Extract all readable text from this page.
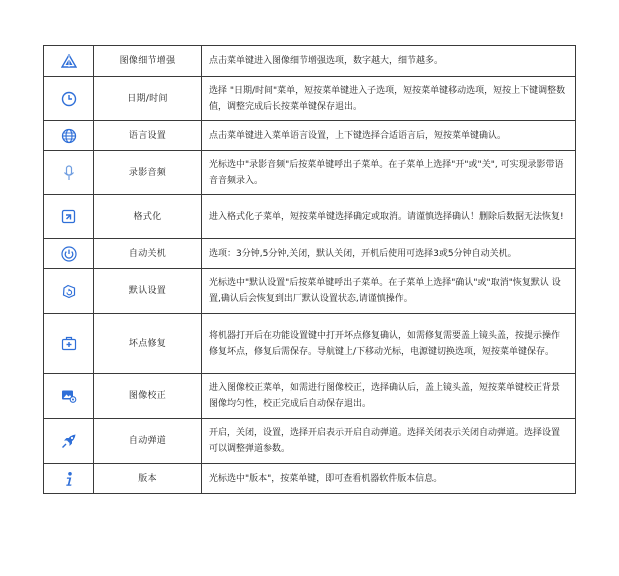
	图像细节增强	点击菜单键进入图像细节增强选项，数字越大，细节越多。

	日期/时间	选择 "日期/时间"菜单，短按菜单键进入子选项，短按菜单键移动选项，短按上下键调整数值，调整完成后长按菜单键保存退出。

	语言设置	点击菜单键进入菜单语言设置，上下键选择合适语言后，短按菜单键确认。

	录影音频	光标选中"录影音频"后按菜单键呼出子菜单。在子菜单上选择"开"或"关", 可实现录影带语音音频录入。

	格式化	进入格式化子菜单，短按菜单键选择确定或取消。请谨慎选择确认！删除后数据无法恢复!

	自动关机	选项：3分钟,5分钟,关闭，默认关闭，开机后使用可选择3或5分钟自动关机。

	默认设置	光标选中"默认设置"后按菜单键呼出子菜单。在子菜单上选择"确认"或"取消"恢复默认 设置,确认后会恢复到出厂默认设置状态,请谨慎操作。

	坏点修复	将机器打开后在功能设置键中打开坏点修复确认，如需修复需要盖上镜头盖，按提示操作修复坏点，修复后需保存。导航键上/下移动光标，电源键切换选项，短按菜单键保存。

	图像校正	进入图像校正菜单，如需进行图像校正，选择确认后，盖上镜头盖，短按菜单键校正背景图像均匀性，校正完成后自动保存退出。

	自动弹道	开启，关闭，设置，选择开启表示开启自动弹道。选择关闭表示关闭自动弹道。选择设置可以调整弹道参数。

	版本	光标选中"版本"，按菜单键，即可查看机器软件版本信息。
